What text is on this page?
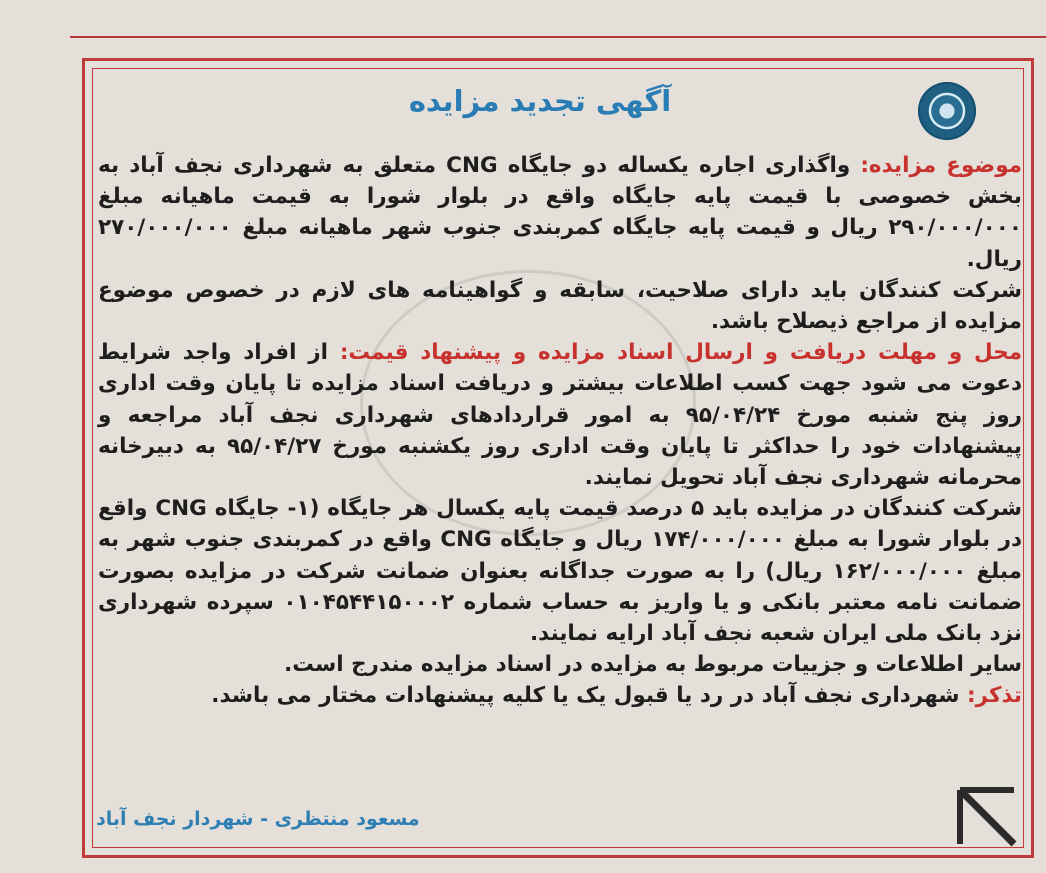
آگهی تجدید مزایده

موضوع مزایده: واگذاری اجاره یکساله دو جایگاه CNG متعلق به شهرداری نجف آباد به بخش خصوصی با قیمت پایه جایگاه واقع در بلوار شورا به قیمت ماهیانه مبلغ ۲۹۰/۰۰۰/۰۰۰ ریال و قیمت پایه جایگاه کمربندی جنوب شهر ماهیانه مبلغ ۲۷۰/۰۰۰/۰۰۰ ریال.

شرکت کنندگان باید دارای صلاحیت، سابقه و گواهینامه های لازم در خصوص موضوع مزایده از مراجع ذیصلاح باشد.

محل و مهلت دریافت و ارسال اسناد مزایده و پیشنهاد قیمت: از افراد واجد شرایط دعوت می شود جهت کسب اطلاعات بیشتر و دریافت اسناد مزایده تا پایان وقت اداری روز پنج شنبه مورخ ۹۵/۰۴/۲۴ به امور قراردادهای شهرداری نجف آباد مراجعه و پیشنهادات خود را حداکثر تا پایان وقت اداری روز یکشنبه مورخ ۹۵/۰۴/۲۷ به دبیرخانه محرمانه شهرداری نجف آباد تحویل نمایند.

شرکت کنندگان در مزایده باید ۵ درصد قیمت پایه یکسال هر جایگاه (۱- جایگاه CNG واقع در بلوار شورا به مبلغ ۱۷۴/۰۰۰/۰۰۰ ریال و جایگاه CNG واقع در کمربندی جنوب شهر به مبلغ ۱۶۲/۰۰۰/۰۰۰ ریال) را به صورت جداگانه بعنوان ضمانت شرکت در مزایده بصورت ضمانت نامه معتبر بانکی و یا واریز به حساب شماره ۰۱۰۴۵۴۴۱۵۰۰۰۲ سپرده شهرداری نزد بانک ملی ایران شعبه نجف آباد ارایه نمایند.

سایر اطلاعات و جزییات مربوط به مزایده در اسناد مزایده مندرج است.

تذکر: شهرداری نجف آباد در رد یا قبول یک یا کلیه پیشنهادات مختار می باشد.

مسعود منتظری - شهردار نجف آباد
